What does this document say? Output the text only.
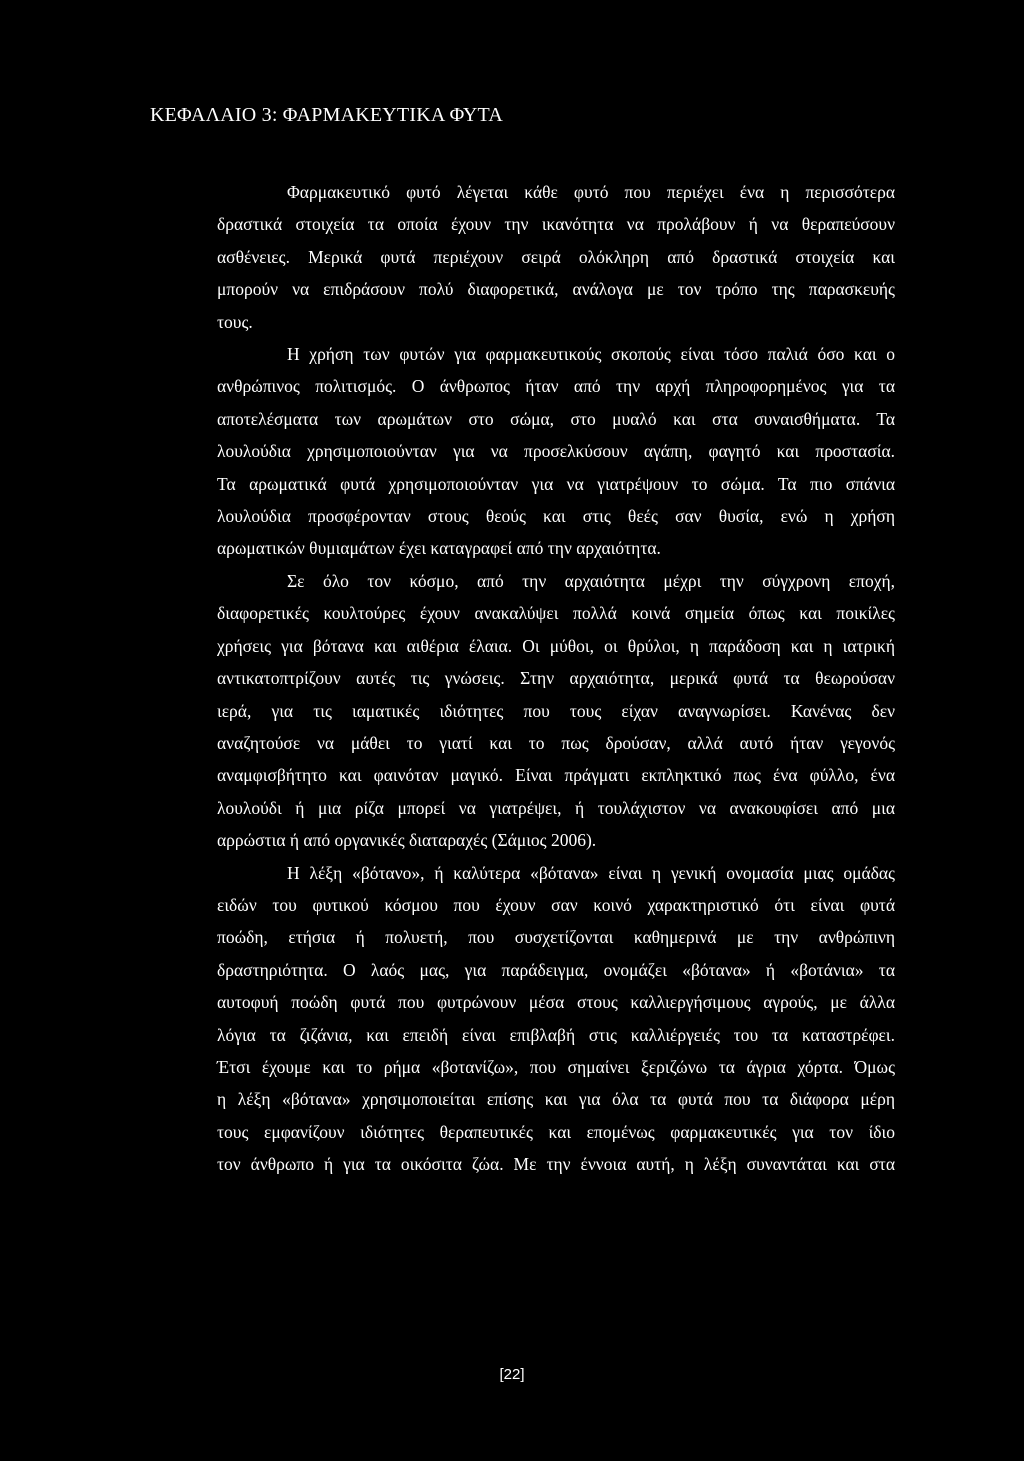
ΚΕΦΑΛΑΙΟ 3: ΦΑΡΜΑΚΕΥΤΙΚΑ ΦΥΤΑ

Φαρμακευτικό φυτό λέγεται κάθε φυτό που περιέχει ένα η περισσότερα
δραστικά στοιχεία τα οποία έχουν την ικανότητα να προλάβουν ή να θεραπεύσουν
ασθένειες. Μερικά φυτά περιέχουν σειρά ολόκληρη από δραστικά στοιχεία και
μπορούν να επιδράσουν πολύ διαφορετικά, ανάλογα με τον τρόπο της παρασκευής
τους.

Η χρήση των φυτών για φαρμακευτικούς σκοπούς είναι τόσο παλιά όσο και ο
ανθρώπινος πολιτισμός. Ο άνθρωπος ήταν από την αρχή πληροφορημένος για τα
αποτελέσματα των αρωμάτων στο σώμα, στο μυαλό και στα συναισθήματα. Τα
λουλούδια χρησιμοποιούνταν για να προσελκύσουν αγάπη, φαγητό και προστασία.
Τα αρωματικά φυτά χρησιμοποιούνταν για να γιατρέψουν το σώμα. Τα πιο σπάνια
λουλούδια προσφέρονταν στους θεούς και στις θεές σαν θυσία, ενώ η χρήση
αρωματικών θυμιαμάτων έχει καταγραφεί από την αρχαιότητα.

Σε όλο τον κόσμο, από την αρχαιότητα μέχρι την σύγχρονη εποχή,
διαφορετικές κουλτούρες έχουν ανακαλύψει πολλά κοινά σημεία όπως και ποικίλες
χρήσεις για βότανα και αιθέρια έλαια. Οι μύθοι, οι θρύλοι, η παράδοση και η ιατρική
αντικατοπτρίζουν αυτές τις γνώσεις. Στην αρχαιότητα, μερικά φυτά τα θεωρούσαν
ιερά, για τις ιαματικές ιδιότητες που τους είχαν αναγνωρίσει. Κανένας δεν
αναζητούσε να μάθει το γιατί και το πως δρούσαν, αλλά αυτό ήταν γεγονός
αναμφισβήτητο και φαινόταν μαγικό. Είναι πράγματι εκπληκτικό πως ένα φύλλο, ένα
λουλούδι ή μια ρίζα μπορεί να γιατρέψει, ή τουλάχιστον να ανακουφίσει από μια
αρρώστια ή από οργανικές διαταραχές (Σάμιος 2006).

Η λέξη «βότανο», ή καλύτερα «βότανα» είναι η γενική ονομασία μιας ομάδας
ειδών του φυτικού κόσμου που έχουν σαν κοινό χαρακτηριστικό ότι είναι φυτά
ποώδη, ετήσια ή πολυετή, που συσχετίζονται καθημερινά με την ανθρώπινη
δραστηριότητα. Ο λαός μας, για παράδειγμα, ονομάζει «βότανα» ή «βοτάνια» τα
αυτοφυή ποώδη φυτά που φυτρώνουν μέσα στους καλλιεργήσιμους αγρούς, με άλλα
λόγια τα ζιζάνια, και επειδή είναι επιβλαβή στις καλλιέργειές του τα καταστρέφει.
Έτσι έχουμε και το ρήμα «βοτανίζω», που σημαίνει ξεριζώνω τα άγρια χόρτα. Όμως
η λέξη «βότανα» χρησιμοποιείται επίσης και για όλα τα φυτά που τα διάφορα μέρη
τους εμφανίζουν ιδιότητες θεραπευτικές και επομένως φαρμακευτικές για τον ίδιο
τον άνθρωπο ή για τα οικόσιτα ζώα. Με την έννοια αυτή, η λέξη συναντάται και στα

[22]
